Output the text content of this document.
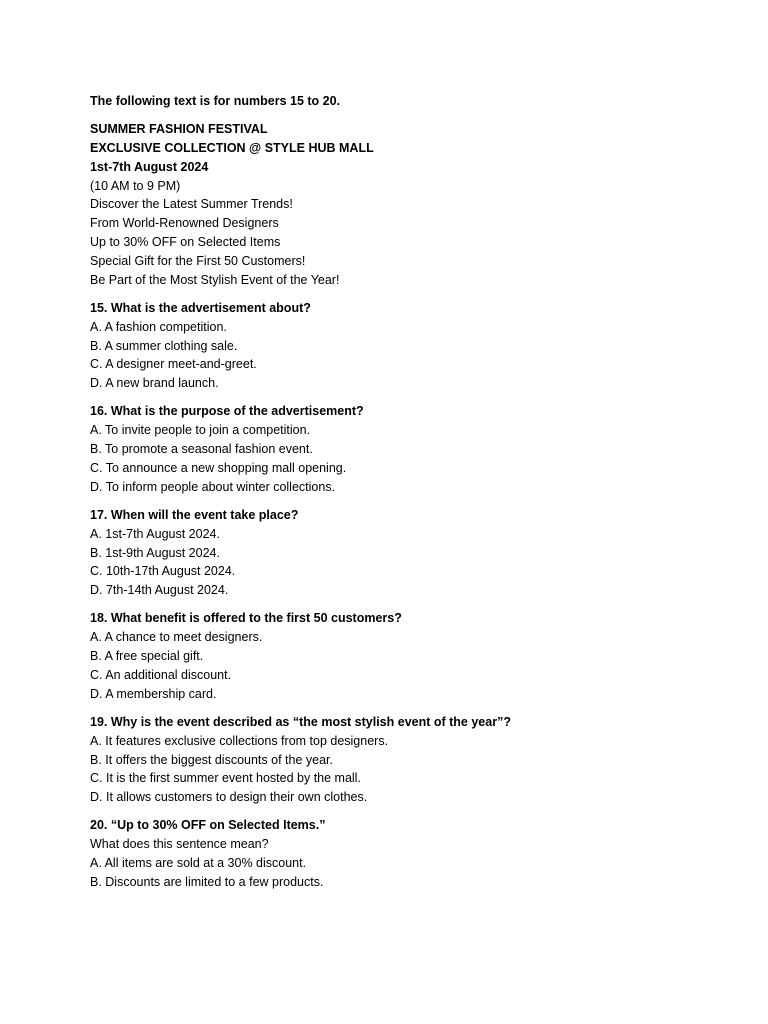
The following text is for numbers 15 to 20.
SUMMER FASHION FESTIVAL
EXCLUSIVE COLLECTION @ STYLE HUB MALL
1st-7th August 2024
(10 AM to 9 PM)
Discover the Latest Summer Trends!
From World-Renowned Designers
Up to 30% OFF on Selected Items
Special Gift for the First 50 Customers!
Be Part of the Most Stylish Event of the Year!
15. What is the advertisement about?
A. A fashion competition.
B. A summer clothing sale.
C. A designer meet-and-greet.
D. A new brand launch.
16. What is the purpose of the advertisement?
A. To invite people to join a competition.
B. To promote a seasonal fashion event.
C. To announce a new shopping mall opening.
D. To inform people about winter collections.
17. When will the event take place?
A. 1st-7th August 2024.
B. 1st-9th August 2024.
C. 10th-17th August 2024.
D. 7th-14th August 2024.
18. What benefit is offered to the first 50 customers?
A. A chance to meet designers.
B. A free special gift.
C. An additional discount.
D. A membership card.
19. Why is the event described as “the most stylish event of the year”?
A. It features exclusive collections from top designers.
B. It offers the biggest discounts of the year.
C. It is the first summer event hosted by the mall.
D. It allows customers to design their own clothes.
20. “Up to 30% OFF on Selected Items.”
What does this sentence mean?
A. All items are sold at a 30% discount.
B. Discounts are limited to a few products.
